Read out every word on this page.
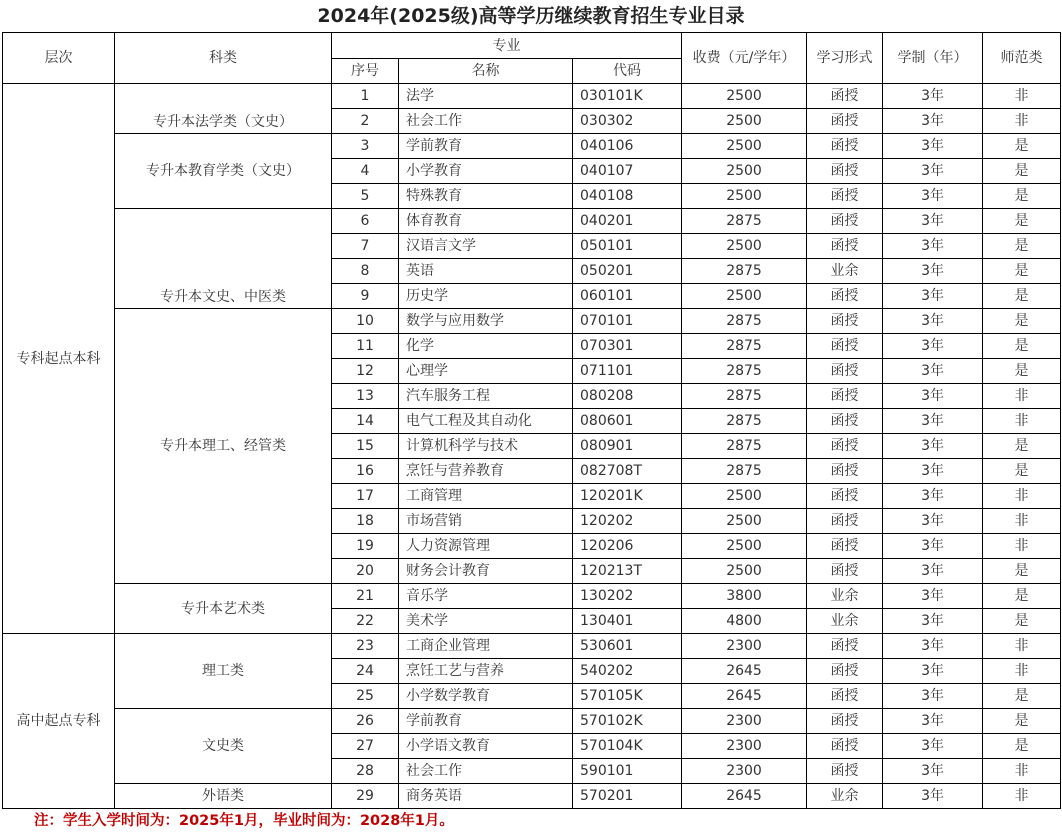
2024年(2025级)高等学历继续教育招生专业目录
层次	科类	专业			收费（元/学年）	学习形式	学制（年）	师范类
		序号	名称	代码				
专科起点本科	专升本法学类（文史）	1	法学	030101K	2500	函授	3年	非
		2	社会工作	030302	2500	函授	3年	非
	专升本教育学类（文史）	3	学前教育	040106	2500	函授	3年	是
		4	小学教育	040107	2500	函授	3年	是
		5	特殊教育	040108	2500	函授	3年	是
	专升本文史、中医类	6	体育教育	040201	2875	函授	3年	是
		7	汉语言文学	050101	2500	函授	3年	是
		8	英语	050201	2875	业余	3年	是
		9	历史学	060101	2500	函授	3年	是
	专升本理工、经管类	10	数学与应用数学	070101	2875	函授	3年	是
		11	化学	070301	2875	函授	3年	是
		12	心理学	071101	2875	函授	3年	是
		13	汽车服务工程	080208	2875	函授	3年	非
		14	电气工程及其自动化	080601	2875	函授	3年	非
		15	计算机科学与技术	080901	2875	函授	3年	是
		16	烹饪与营养教育	082708T	2875	函授	3年	是
		17	工商管理	120201K	2500	函授	3年	非
		18	市场营销	120202	2500	函授	3年	非
		19	人力资源管理	120206	2500	函授	3年	非
		20	财务会计教育	120213T	2500	函授	3年	是
	专升本艺术类	21	音乐学	130202	3800	业余	3年	是
		22	美术学	130401	4800	业余	3年	是
高中起点专科	理工类	23	工商企业管理	530601	2300	函授	3年	非
		24	烹饪工艺与营养	540202	2645	函授	3年	非
		25	小学数学教育	570105K	2645	函授	3年	是
	文史类	26	学前教育	570102K	2300	函授	3年	是
		27	小学语文教育	570104K	2300	函授	3年	是
		28	社会工作	590101	2300	函授	3年	非
	外语类	29	商务英语	570201	2645	业余	3年	非
注：学生入学时间为：2025年1月，毕业时间为：2028年1月。
